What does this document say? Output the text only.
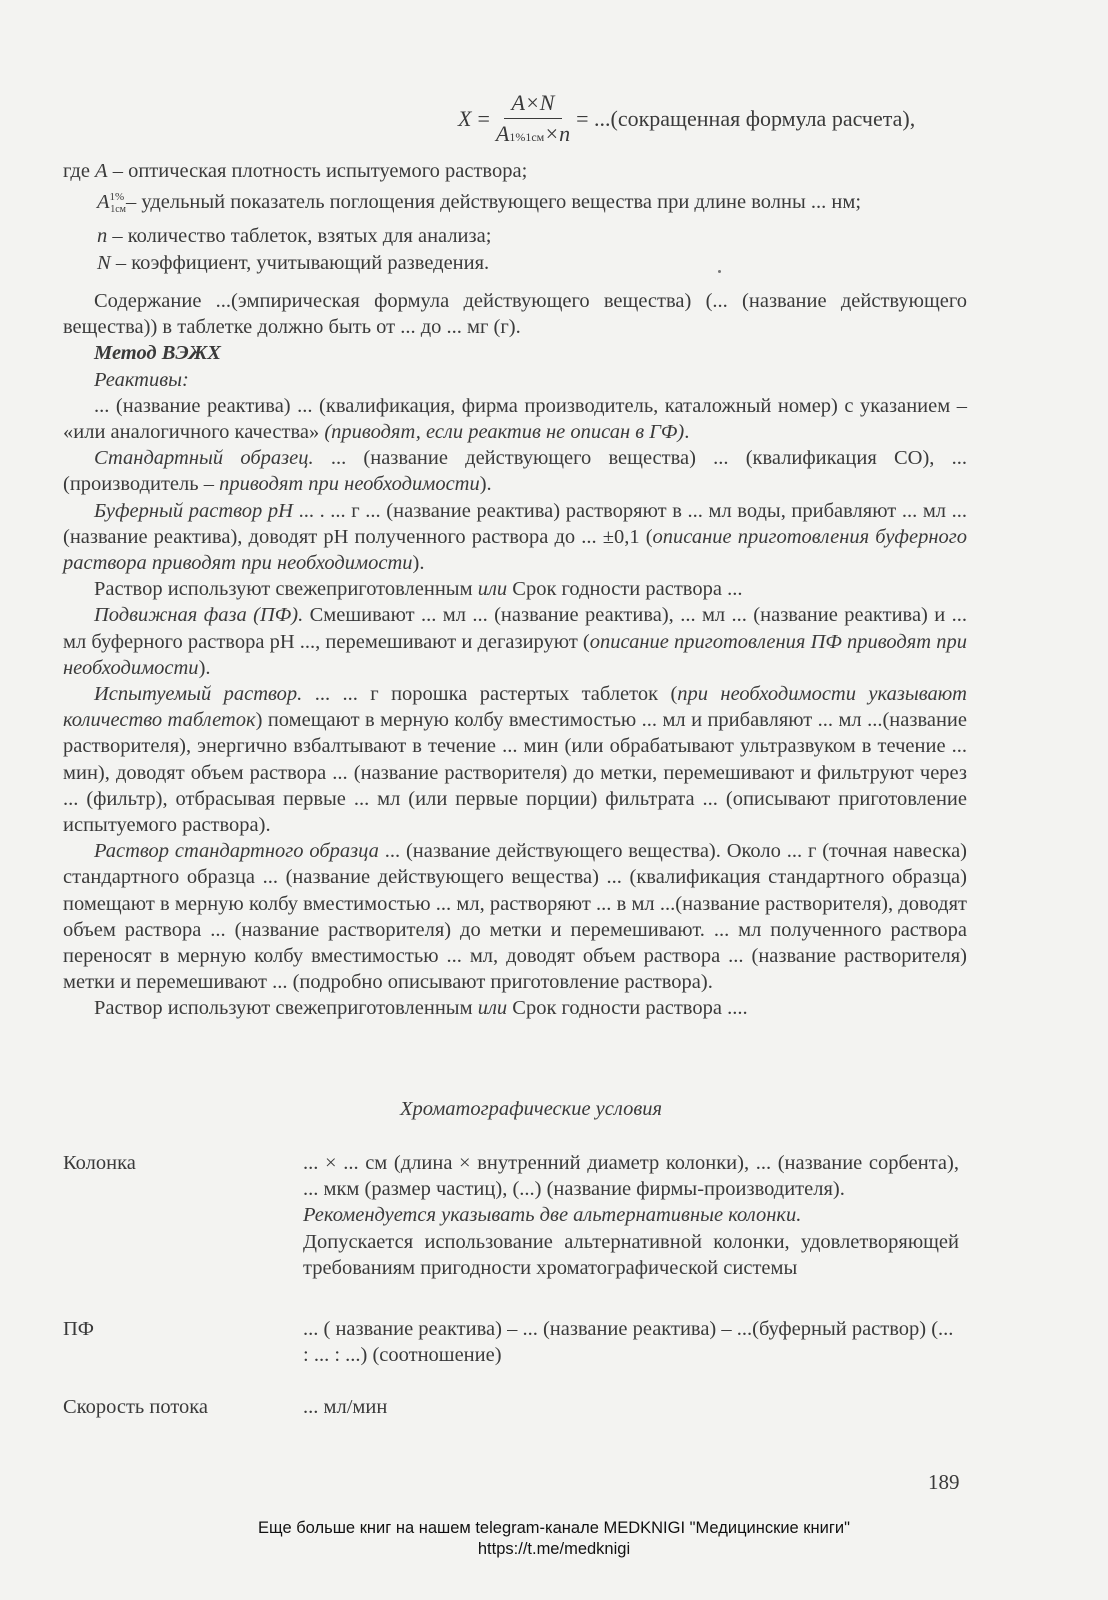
$X = \frac{A\times N}{A1\%1см\times n}$ = ...(сокращенная формула расчета),
где A – оптическая плотность испытуемого раствора;
$A^{1\%}1см-$ удельный показатель поглощения действующего вещества при длине волны ... нм;
n – количество таблеток, взятых для анализа;
N – коэффициент, учитывающий разведения.

Содержание ...(эмпирическая формула действующего вещества) (... (название действующего вещества)) в таблетке должно быть от ... до ... мг (г).

Метод ВЭЖХ

Реактивы:

... (название реактива) ... (квалификация, фирма производитель, каталожный номер) с указанием – «или аналогичного качества» (приводят, если реактив не описан в ГФ).

Стандартный образец. ... (название действующего вещества) ... (квалификация СО), ... (производитель – приводят при необходимости).

Буферный раствор рН ... . ... г ... (название реактива) растворяют в ... мл воды, прибавляют ... мл ... (название реактива), доводят рН полученного раствора до ... ±0,1 (описание приготовления буферного раствора приводят при необходимости).

Раствор используют свежеприготовленным или Срок годности раствора ...

Подвижная фаза (ПФ). Смешивают ... мл ... (название реактива), ... мл ... (название реактива) и ... мл буферного раствора рН ..., перемешивают и дегазируют (описание приготовления ПФ приводят при необходимости).

Испытуемый раствор. ... ... г порошка растертых таблеток (при необходимости указывают количество таблеток) помещают в мерную колбу вместимостью ... мл и прибавляют ... мл ...(название растворителя), энергично взбалтывают в течение ... мин (или обрабатывают ультразвуком в течение ... мин), доводят объем раствора ... (название растворителя) до метки, перемешивают и фильтруют через ... (фильтр), отбрасывая первые ... мл (или первые порции) фильтрата ... (описывают приготовление испытуемого раствора).

Раствор стандартного образца ... (название действующего вещества). Около ... г (точная навеска) стандартного образца ... (название действующего вещества) ... (квалификация стандартного образца) помещают в мерную колбу вместимостью ... мл, растворяют ... в мл ...(название растворителя), доводят объем раствора ... (название растворителя) до метки и перемешивают. ... мл полученного раствора переносят в мерную колбу вместимостью ... мл, доводят объем раствора ... (название растворителя) метки и перемешивают ... (подробно описывают приготовление раствора).

Раствор используют свежеприготовленным или Срок годности раствора ....

Хроматографические условия
Колонка	... × ... см (длина × внутренний диаметр колонки), ... (название сорбента), ... мкм (размер частиц), (...) (название фирмы-производителя).
Рекомендуется указывать две альтернативные колонки.
Допускается использование альтернативной колонки, удовлетворяющей требованиям пригодности хроматографической системы
ПФ	... ( название реактива) – ... (название реактива) – ...(буферный раствор) (... : ... : ...) (соотношение)
Скорость потока	... мл/мин
189
Еще больше книг на нашем telegram-канале MEDKNIGI "Медицинские книги"
https://t.me/medknigi
